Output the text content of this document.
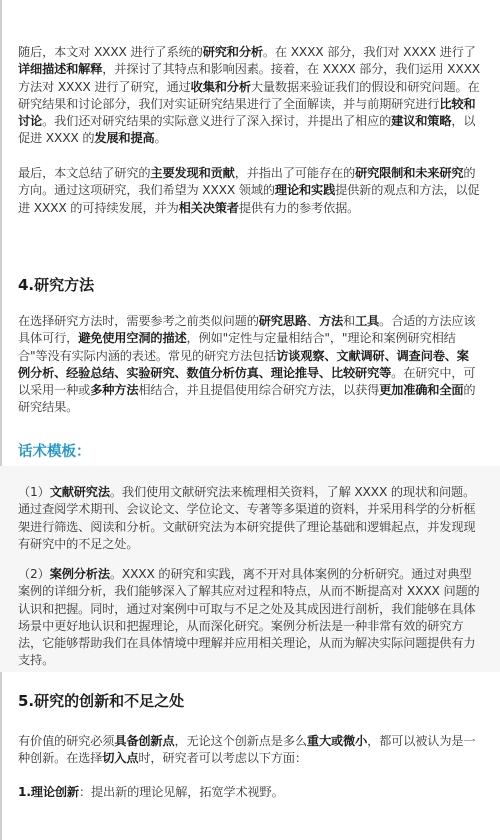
随后，本文对 XXXX 进行了系统的研究和分析。在 XXXX 部分，我们对 XXXX 进行了详细描述和解释，并探讨了其特点和影响因素。接着，在 XXXX 部分，我们运用 XXXX 方法对 XXXX 进行了研究，通过收集和分析大量数据来验证我们的假设和研究问题。在研究结果和讨论部分，我们对实证研究结果进行了全面解读，并与前期研究进行比较和讨论。我们还对研究结果的实际意义进行了深入探讨，并提出了相应的建议和策略，以促进 XXXX 的发展和提高。

最后，本文总结了研究的主要发现和贡献，并指出了可能存在的研究限制和未来研究的方向。通过这项研究，我们希望为 XXXX 领域的理论和实践提供新的观点和方法，以促进 XXXX 的可持续发展，并为相关决策者提供有力的参考依据。

4.研究方法

在选择研究方法时，需要参考之前类似问题的研究思路、方法和工具。合适的方法应该具体可行，避免使用空洞的描述，例如"定性与定量相结合"，"理论和案例研究相结合"等没有实际内涵的表述。常见的研究方法包括访谈观察、文献调研、调查问卷、案例分析、经验总结、实验研究、数值分析仿真、理论推导、比较研究等。在研究中，可以采用一种或多种方法相结合，并且提倡使用综合研究方法，以获得更加准确和全面的研究结果。

话术模板：

（1）文献研究法。我们使用文献研究法来梳理相关资料，了解 XXXX 的现状和问题。通过查阅学术期刊、会议论文、学位论文、专著等多渠道的资料，并采用科学的分析框架进行筛选、阅读和分析。文献研究法为本研究提供了理论基础和逻辑起点，并发现现有研究中的不足之处。

（2）案例分析法。XXXX 的研究和实践，离不开对具体案例的分析研究。通过对典型案例的详细分析，我们能够深入了解其应对过程和特点，从而不断提高对 XXXX 问题的认识和把握。同时，通过对案例中可取与不足之处及其成因进行剖析，我们能够在具体场景中更好地认识和把握理论，从而深化研究。案例分析法是一种非常有效的研究方法，它能够帮助我们在具体情境中理解并应用相关理论，从而为解决实际问题提供有力支持。

5.研究的创新和不足之处

有价值的研究必须具备创新点，无论这个创新点是多么重大或微小，都可以被认为是一种创新。在选择切入点时，研究者可以考虑以下方面：

1.理论创新：提出新的理论见解，拓宽学术视野。
